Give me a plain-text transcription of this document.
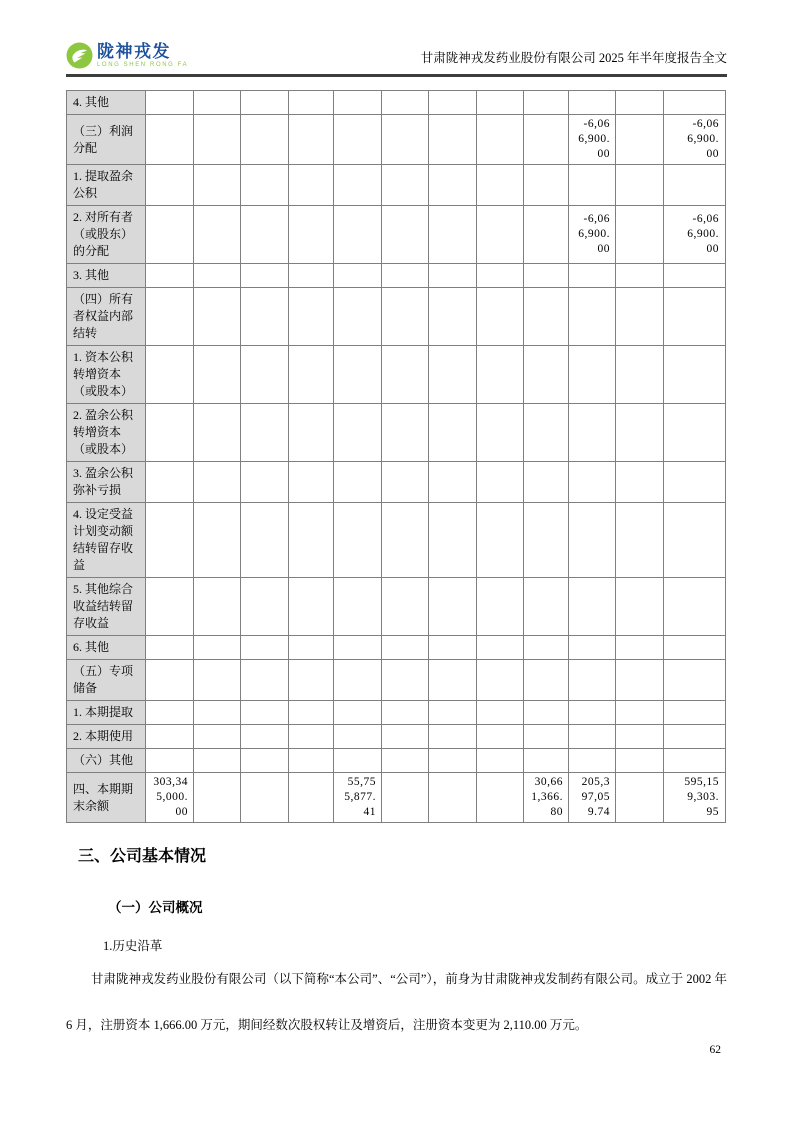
陇神戎发
LONG SHEN RONG FA	甘肃陇神戎发药业股份有限公司 2025 年半年度报告全文
4. 其他												
（三）利润分配										-6,066,900.00		-6,066,900.00
1. 提取盈余公积												
2. 对所有者（或股东）的分配										-6,066,900.00		-6,066,900.00
3. 其他												
（四）所有者权益内部结转												
1. 资本公积转增资本（或股本）												
2. 盈余公积转增资本（或股本）												
3. 盈余公积弥补亏损												
4. 设定受益计划变动额结转留存收益												
5. 其他综合收益结转留存收益												
6. 其他												
（五）专项储备												
1. 本期提取												
2. 本期使用												
（六）其他												
四、本期期末余额	303,345,000.00				55,755,877.41				30,661,366.80	205,397,059.74		595,159,303.95
三、公司基本情况
（一）公司概况
1.历史沿革

甘肃陇神戎发药业股份有限公司（以下简称“本公司”、“公司”），前身为甘肃陇神戎发制药有限公司。成立于 2002 年 6 月，注册资本 1,666.00 万元，期间经数次股权转让及增资后，注册资本变更为 2,110.00 万元。

62
